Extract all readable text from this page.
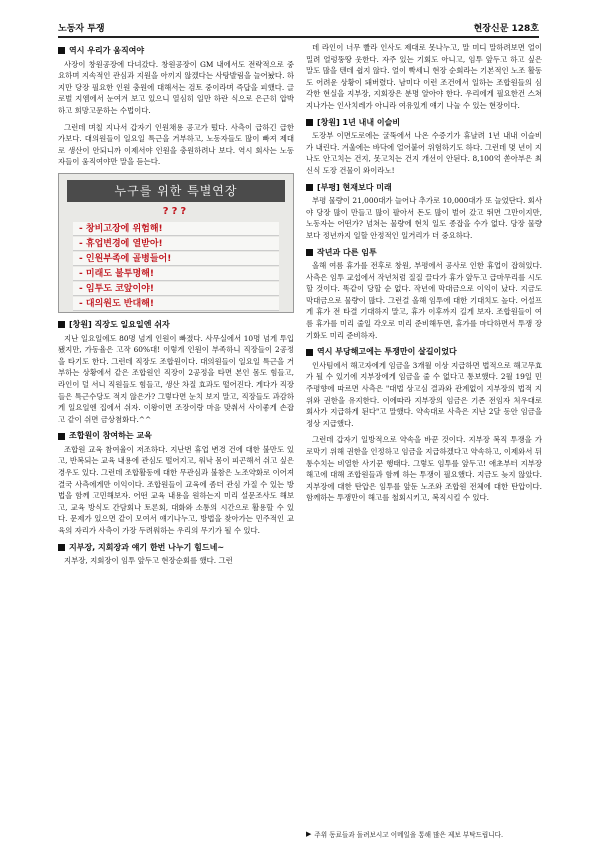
노동자 투쟁	현장신문 128호
역시 우리가 움직여야

사장이 창원공장에 다녀갔다. 창원공장이 GM 내에서도 전략적으로 중요하며 지속적인 관심과 지원을 아끼지 않겠다는 사탕발림을 늘어놨다. 하지만 당장 필요한 인원 충원에 대해서는 검토 중이라며 즉답을 피했다. 글로벌 지엠에서 눈여겨 보고 있으니 열심히 일만 하란 식으로 은근히 압박하고 희망고문하는 수법이다.

그런데 며칠 지나서 갑자기 인원채용 공고가 떴다. 사측이 급하긴 급한가보다. 대의원들이 일요일 특근을 거부하고, 노동자들도 많이 빠져 제대로 생산이 안되니까 이제서야 인원을 충원하려나 보다. 역시 회사는 노동자들이 움직여야만 말을 듣는다.

누구를 위한 특별연장
???
- 창비고장에 위험해!
- 휴업변경에 열받아!
- 인원부족에 골병들어!
- 미래도 불투명해!
- 임투도 코앞이야!
- 대의원도 반대해!
[창원] 직장도 일요일엔 쉬자

지난 일요일에도 80명 넘게 인원이 빠졌다. 사무실에서 10명 넘게 투입됐지만, 가동율은 고작 60%대! 이렇게 인원이 부족하니 직장들이 2공정을 타기도 한다. 그런데 직장도 조합원이다. 대의원들이 일요일 특근을 거부하는 상황에서 같은 조합원인 직장이 2공정을 타면 본인 몸도 힘들고, 라인이 덜 서니 직원들도 힘들고, 생산 차질 효과도 떨어진다. 게다가 직장들은 특근수당도 적지 않은가? 그렇다면 눈치 보지 말고, 직장들도 과감하게 일요일엔 집에서 쉬자. 이왕이면 조장이랑 마음 맞춰서 사이좋게 손잡고 같이 쉬면 금상첨화다.^^

조합원이 참여하는 교육

조합원 교육 참여율이 저조하다. 지난번 휴업 변경 건에 대한 불만도 있고, 반복되는 교육 내용에 관심도 떨어지고, 워낙 몸이 피곤해서 쉬고 싶은 경우도 있다. 그런데 조합활동에 대한 무관심과 불참은 노조약화로 이어져 결국 사측에게만 이익이다. 조합원들이 교육에 좀더 관심 가질 수 있는 방법을 함께 고민해보자. 어떤 교육 내용을 원하는지 미리 설문조사도 해보고, 교육 방식도 간담회나 토론회, 대화와 소통의 시간으로 활용할 수 있다. 문제가 있으면 같이 모여서 얘기나누고, 방법을 찾아가는 민주적인 교육의 자리가 사측이 가장 두려워하는 우리의 무기가 될 수 있다.

지부장, 지회장과 얘기 한번 나누기 힘드네~

지부장, 지회장이 임투 앞두고 현장순회를 했다. 그런

데 라인이 너무 빨라 인사도 제대로 못나누고, 말 미디 말하려보면 얼이 밀려 얼렁뚱땅 웃한다. 자주 있는 기회도 아니고, 임투 앞두고 하고 싶은 말도 많을 텐데 쉽지 않다. 얼이 빡세니 현장 순회라는 기본적인 노조 활동도 어려운 상황이 돼버렸다. 남미다 이런 조건에서 일하는 조합원들의 심각한 현실을 지부장, 지회장은 분명 알아야 한다. 우리에게 필요한건 스쳐지나가는 인사치레가 아니라 여유있게 얘기 나눌 수 있는 현장이다.

[창원] 1년 내내 이슬비

도장부 이면도로에는 굴뚝에서 나온 수증기가 휴날려 1년 내내 이슬비가 내린다. 겨울에는 바닥에 얼어붙어 위험하기도 하다. 그런데 몇 년이 지나도 안고치는 건지, 못고치는 건지 개선이 안된다. 8,100억 쏟아부은 최신식 도장 건물이 와이라노!

[부평] 현재보다 미래

부평 물량이 21,000대가 늘어나 추가로 10,000대가 또 늘었단다. 회사야 당장 많이 만들고 많이 팔아서 돈도 많이 벌어 갔고 뛰면 그만이지만, 노동자는 어떤가? 넘쳐는 물량에 현치 일도 종잡을 수가 없다. 당장 물량보다 정년까지 일할 안정적인 일거리가 더 중요하다.

작년과 다른 임투

올해 여름 휴가를 전후로 창원, 부평에서 공사로 인한 휴업이 잡혀있다. 사측은 임투 교섭에서 작년처럼 질질 끌다가 휴가 앞두고 급마무리를 시도할 것이다. 똑같이 당할 순 없다. 작년에 막대금으로 이익이 났다. 지금도 막대금으로 물량이 많다. 그런걸 올해 임투에 대한 기대치도 높다. 어설프게 휴가 전 타결 기대하지 말고, 휴가 이후까지 길게 보자. 조합원들이 여름 휴가를 미리 줄일 각오로 미리 준비해두면, 휴가를 마다하면서 투쟁 장기화도 미리 준비하자.

역시 부당해고에는 투쟁만이 살길이었다

인사팀에서 해고자에게 임금을 3개월 이상 지급하면 법적으로 해고무효가 될 수 있기에 지부장에게 임금을 줄 수 없다고 통보했다. 2월 19일 민주평향에 따르면 사측은 "대법 상고심 결과와 관계없이 지부장의 법적 지위와 권한을 유지한다. 이에따라 지부장의 임금은 기존 전임자 처우대로 회사가 지급하게 된다"고 말했다. 약속대로 사측은 지난 2달 동안 임금을 정상 지급했다.

그런데 갑자기 일방적으로 약속을 바꾼 것이다. 지부장 복직 투쟁을 가로막기 위해 권한을 인정하고 임금을 지급하겠다고 약속하고, 이제와서 뒤통수치는 비열한 사기꾼 행태다. 그렇도 임투를 앞두고! 애초부터 지부장 해고에 대해 조합원들과 함께 하는 투쟁이 필요했다. 지금도 늦지 않았다. 지부장에 대한 탄압은 임투를 앞둔 노조와 조합원 전체에 대한 탄압이다. 함께하는 투쟁만이 해고를 철회시키고, 복직시킬 수 있다.

▶ 주위 동료들과 돌려보시고 이메일을 통해 많은 제보 부탁드립니다.
